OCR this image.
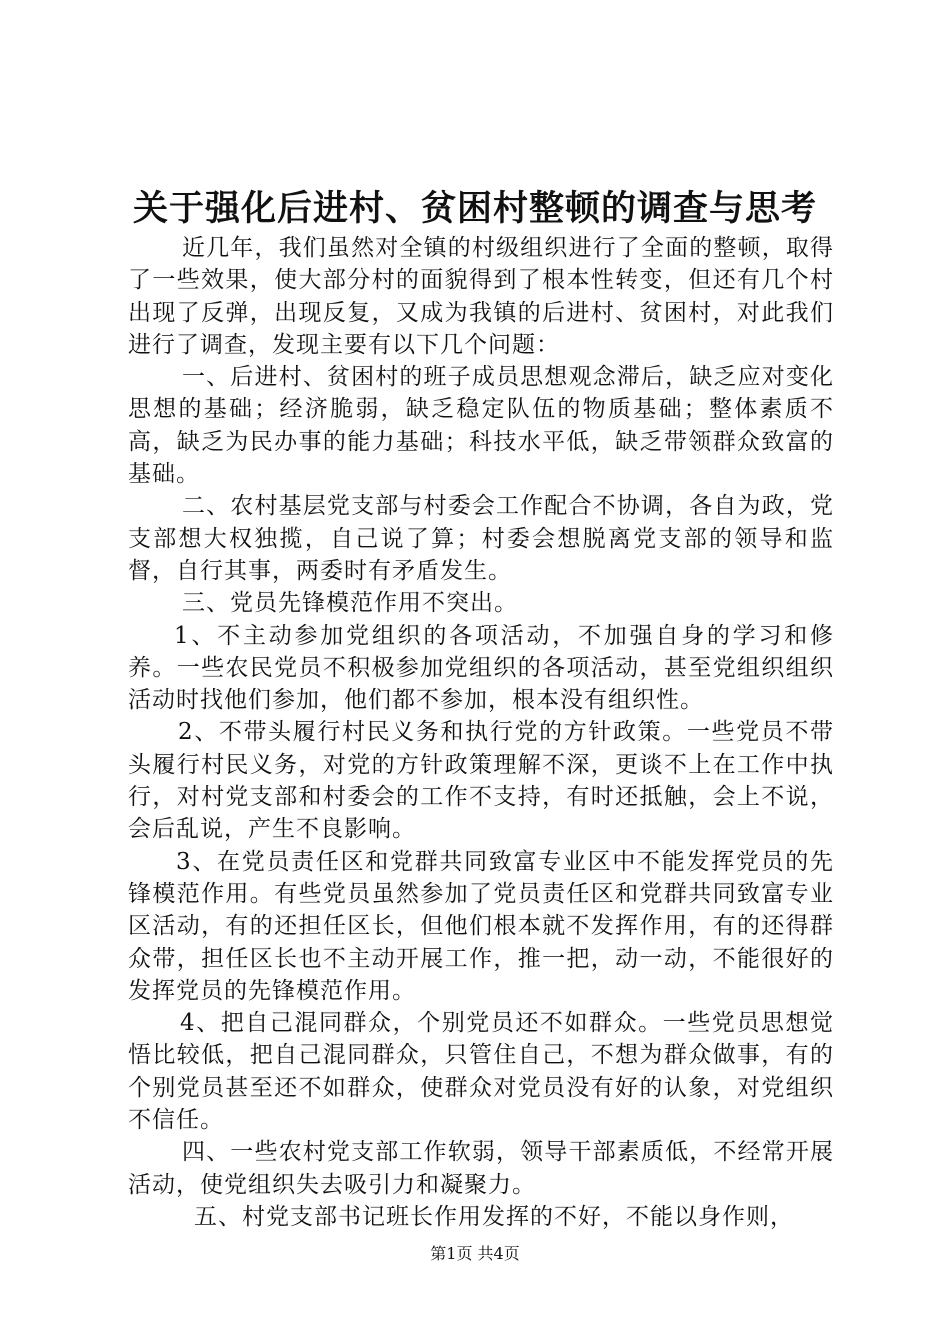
关于强化后进村、贫困村整顿的调查与思考

近几年，我们虽然对全镇的村级组织进行了全面的整顿，取得了一些效果，使大部分村的面貌得到了根本性转变，但还有几个村出现了反弹，出现反复，又成为我镇的后进村、贫困村，对此我们进行了调查，发现主要有以下几个问题：

一、后进村、贫困村的班子成员思想观念滞后，缺乏应对变化思想的基础；经济脆弱，缺乏稳定队伍的物质基础；整体素质不高，缺乏为民办事的能力基础；科技水平低，缺乏带领群众致富的基础。

二、农村基层党支部与村委会工作配合不协调，各自为政，党支部想大权独揽，自己说了算；村委会想脱离党支部的领导和监督，自行其事，两委时有矛盾发生。

三、党员先锋模范作用不突出。

1、不主动参加党组织的各项活动，不加强自身的学习和修养。一些农民党员不积极参加党组织的各项活动，甚至党组织组织活动时找他们参加，他们都不参加，根本没有组织性。

2、不带头履行村民义务和执行党的方针政策。一些党员不带头履行村民义务，对党的方针政策理解不深，更谈不上在工作中执行，对村党支部和村委会的工作不支持，有时还抵触，会上不说，会后乱说，产生不良影响。

3、在党员责任区和党群共同致富专业区中不能发挥党员的先锋模范作用。有些党员虽然参加了党员责任区和党群共同致富专业区活动，有的还担任区长，但他们根本就不发挥作用，有的还得群众带，担任区长也不主动开展工作，推一把，动一动，不能很好的发挥党员的先锋模范作用。

4、把自己混同群众，个别党员还不如群众。一些党员思想觉悟比较低，把自己混同群众，只管住自己，不想为群众做事，有的个别党员甚至还不如群众，使群众对党员没有好的认象，对党组织不信任。

四、一些农村党支部工作软弱，领导干部素质低，不经常开展活动，使党组织失去吸引力和凝聚力。

五、村党支部书记班长作用发挥的不好，不能以身作则，

第1页 共4页
